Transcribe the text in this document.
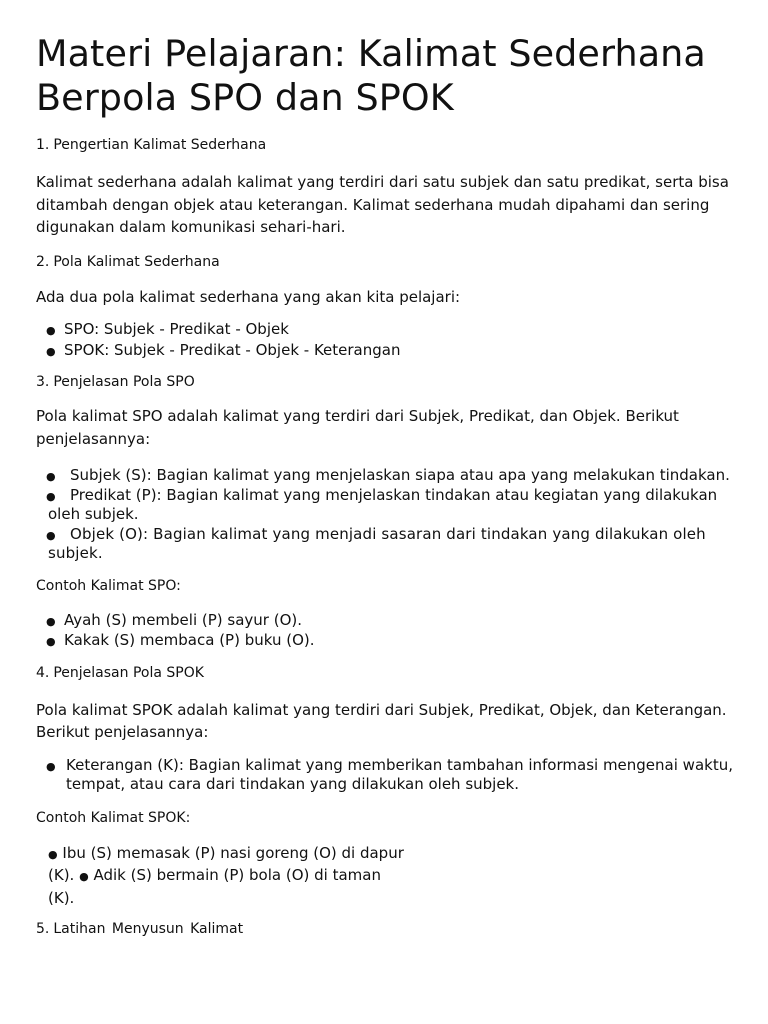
Materi Pelajaran: Kalimat Sederhana Berpola SPO dan SPOK
1. Pengertian Kalimat Sederhana

Kalimat sederhana adalah kalimat yang terdiri dari satu subjek dan satu predikat, serta bisa ditambah dengan objek atau keterangan. Kalimat sederhana mudah dipahami dan sering digunakan dalam komunikasi sehari-hari.

2. Pola Kalimat Sederhana

Ada dua pola kalimat sederhana yang akan kita pelajari:

● SPO: Subjek - Predikat - Objek
● SPOK: Subjek - Predikat - Objek - Keterangan
3. Penjelasan Pola SPO

Pola kalimat SPO adalah kalimat yang terdiri dari Subjek, Predikat, dan Objek. Berikut penjelasannya:

● Subjek (S): Bagian kalimat yang menjelaskan siapa atau apa yang melakukan tindakan.
● Predikat (P): Bagian kalimat yang menjelaskan tindakan atau kegiatan yang dilakukan oleh subjek.
● Objek (O): Bagian kalimat yang menjadi sasaran dari tindakan yang dilakukan oleh subjek.
Contoh Kalimat SPO:
● Ayah (S) membeli (P) sayur (O).
● Kakak (S) membaca (P) buku (O).
4. Penjelasan Pola SPOK

Pola kalimat SPOK adalah kalimat yang terdiri dari Subjek, Predikat, Objek, dan Keterangan. Berikut penjelasannya:

● Keterangan (K): Bagian kalimat yang memberikan tambahan informasi mengenai waktu, tempat, atau cara dari tindakan yang dilakukan oleh subjek.
Contoh Kalimat SPOK:
● Ibu (S) memasak (P) nasi goreng (O) di dapur (K). ● Adik (S) bermain (P) bola (O) di taman (K).
5. Latihan Menyusun Kalimat
